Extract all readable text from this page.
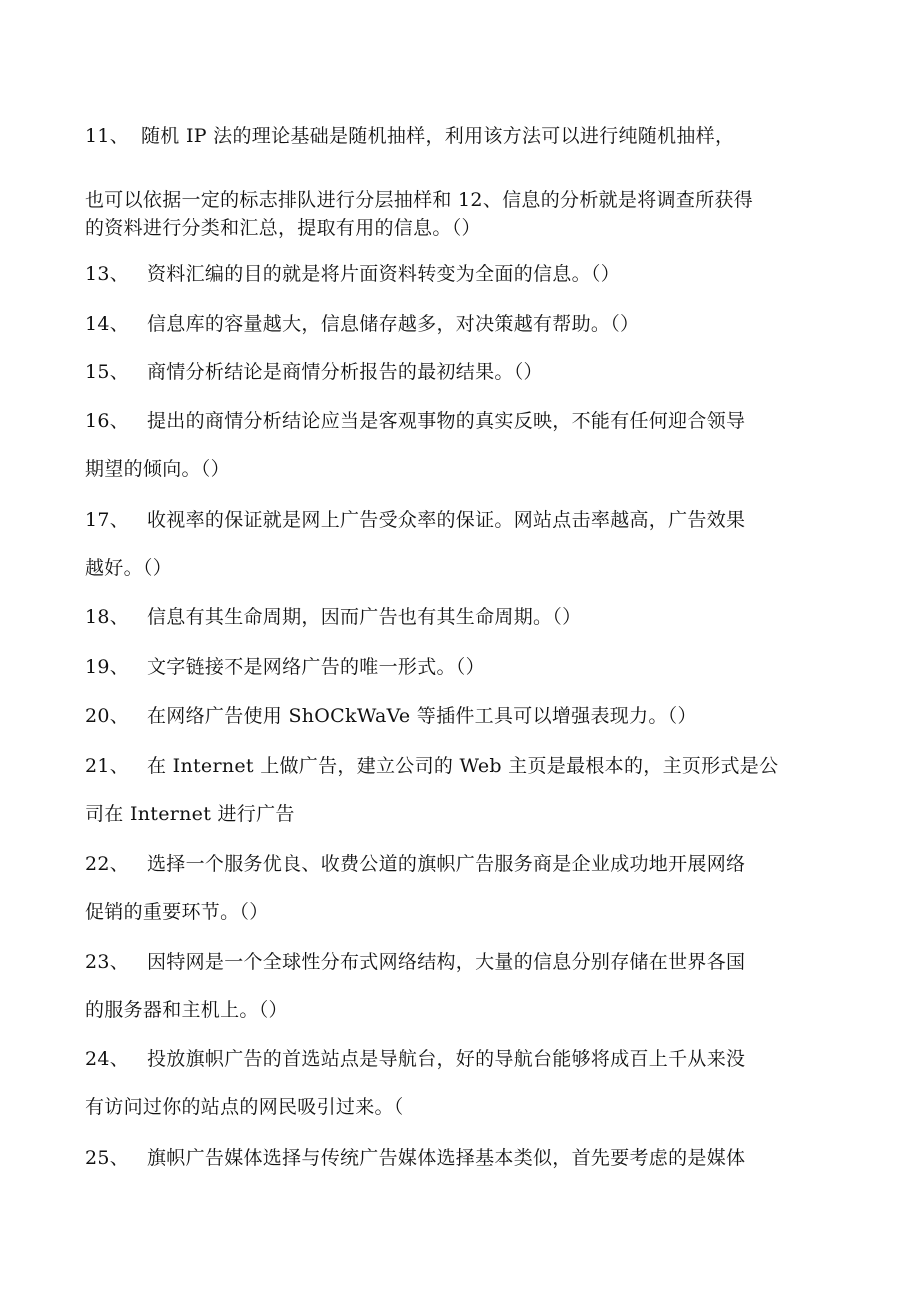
11、 随机 IP 法的理论基础是随机抽样，利用该方法可以进行纯随机抽样，
也可以依据一定的标志排队进行分层抽样和 12、信息的分析就是将调查所获得
的资料进行分类和汇总，提取有用的信息。（）
13、 资料汇编的目的就是将片面资料转变为全面的信息。（）
14、 信息库的容量越大，信息储存越多，对决策越有帮助。（）
15、 商情分析结论是商情分析报告的最初结果。（）
16、 提出的商情分析结论应当是客观事物的真实反映，不能有任何迎合领导
期望的倾向。（）
17、 收视率的保证就是网上广告受众率的保证。网站点击率越高，广告效果
越好。（）
18、 信息有其生命周期，因而广告也有其生命周期。（）
19、 文字链接不是网络广告的唯一形式。（）
20、 在网络广告使用 ShOCkWaVe 等插件工具可以增强表现力。（）
21、 在 Internet 上做广告，建立公司的 Web 主页是最根本的，主页形式是公
司在 Internet 进行广告
22、 选择一个服务优良、收费公道的旗帜广告服务商是企业成功地开展网络
促销的重要环节。（）
23、 因特网是一个全球性分布式网络结构，大量的信息分别存储在世界各国
的服务器和主机上。（）
24、 投放旗帜广告的首选站点是导航台，好的导航台能够将成百上千从来没
有访问过你的站点的网民吸引过来。（
25、 旗帜广告媒体选择与传统广告媒体选择基本类似，首先要考虑的是媒体
